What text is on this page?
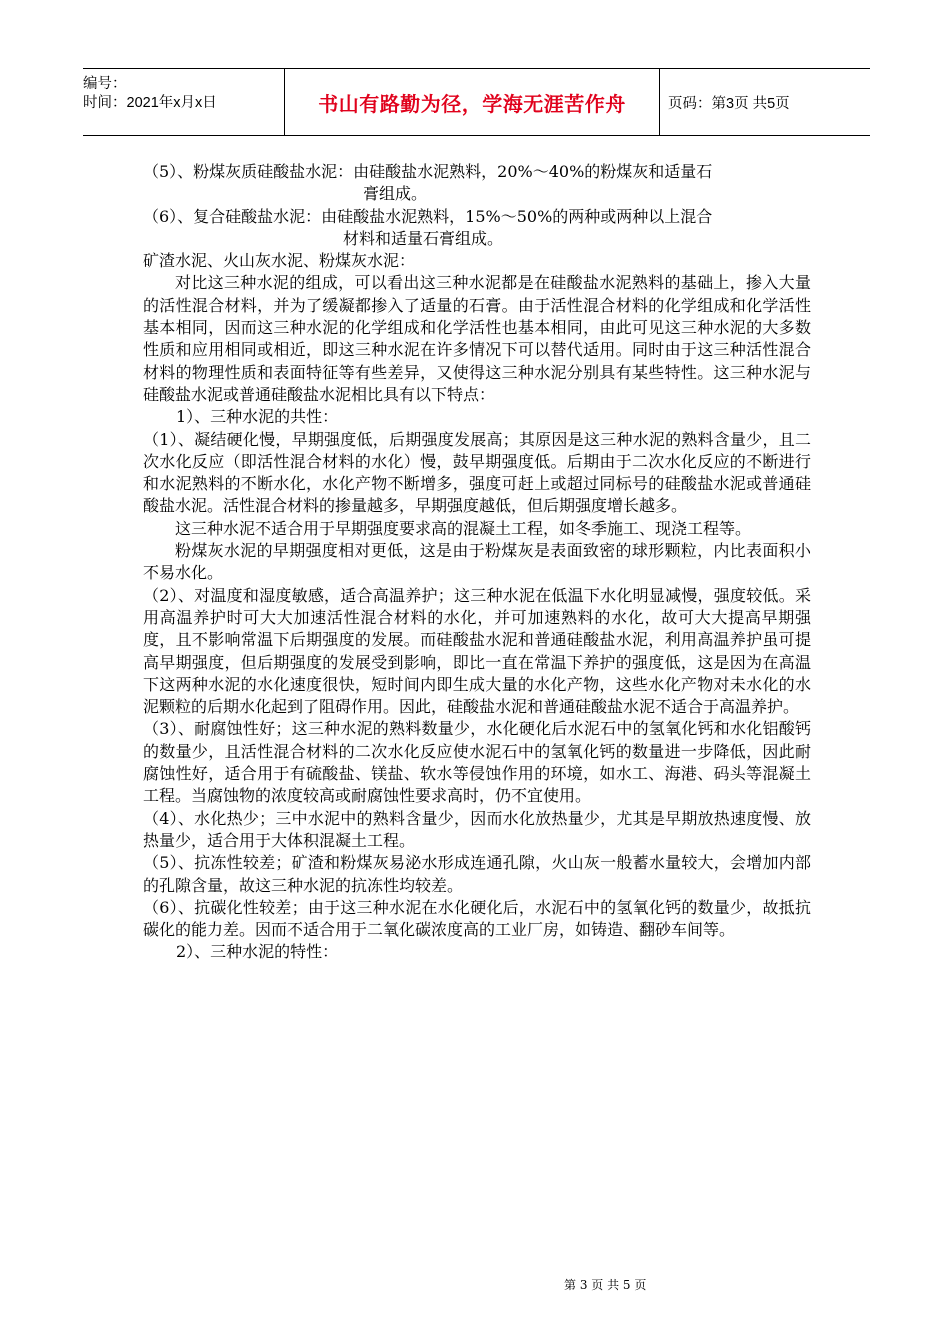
编号：
时间：2021年x月x日	书山有路勤为径，学海无涯苦作舟	页码：第3页 共5页

（5）、粉煤灰质硅酸盐水泥：由硅酸盐水泥熟料，20%～40%的粉煤灰和适量石

膏组成。

（6）、复合硅酸盐水泥：由硅酸盐水泥熟料，15%～50%的两种或两种以上混合

材料和适量石膏组成。

矿渣水泥、火山灰水泥、粉煤灰水泥：

对比这三种水泥的组成，可以看出这三种水泥都是在硅酸盐水泥熟料的基础上，掺入大量的活性混合材料，并为了缓凝都掺入了适量的石膏。由于活性混合材料的化学组成和化学活性基本相同，因而这三种水泥的化学组成和化学活性也基本相同，由此可见这三种水泥的大多数性质和应用相同或相近，即这三种水泥在许多情况下可以替代适用。同时由于这三种活性混合材料的物理性质和表面特征等有些差异，又使得这三种水泥分别具有某些特性。这三种水泥与硅酸盐水泥或普通硅酸盐水泥相比具有以下特点：

1）、三种水泥的共性：

（1）、凝结硬化慢，早期强度低，后期强度发展高；其原因是这三种水泥的熟料含量少，且二次水化反应（即活性混合材料的水化）慢，鼓早期强度低。后期由于二次水化反应的不断进行和水泥熟料的不断水化，水化产物不断增多，强度可赶上或超过同标号的硅酸盐水泥或普通硅酸盐水泥。活性混合材料的掺量越多，早期强度越低，但后期强度增长越多。

这三种水泥不适合用于早期强度要求高的混凝土工程，如冬季施工、现浇工程等。

粉煤灰水泥的早期强度相对更低，这是由于粉煤灰是表面致密的球形颗粒，内比表面积小不易水化。

（2）、对温度和湿度敏感，适合高温养护；这三种水泥在低温下水化明显减慢，强度较低。采用高温养护时可大大加速活性混合材料的水化，并可加速熟料的水化，故可大大提高早期强度，且不影响常温下后期强度的发展。而硅酸盐水泥和普通硅酸盐水泥，利用高温养护虽可提高早期强度，但后期强度的发展受到影响，即比一直在常温下养护的强度低，这是因为在高温下这两种水泥的水化速度很快，短时间内即生成大量的水化产物，这些水化产物对未水化的水泥颗粒的后期水化起到了阻碍作用。因此，硅酸盐水泥和普通硅酸盐水泥不适合于高温养护。

（3）、耐腐蚀性好；这三种水泥的熟料数量少，水化硬化后水泥石中的氢氧化钙和水化铝酸钙的数量少，且活性混合材料的二次水化反应使水泥石中的氢氧化钙的数量进一步降低，因此耐腐蚀性好，适合用于有硫酸盐、镁盐、软水等侵蚀作用的环境，如水工、海港、码头等混凝土工程。当腐蚀物的浓度较高或耐腐蚀性要求高时，仍不宜使用。

（4）、水化热少；三中水泥中的熟料含量少，因而水化放热量少，尤其是早期放热速度慢、放热量少，适合用于大体积混凝土工程。

（5）、抗冻性较差；矿渣和粉煤灰易泌水形成连通孔隙，火山灰一般蓄水量较大，会增加内部的孔隙含量，故这三种水泥的抗冻性均较差。

（6）、抗碳化性较差；由于这三种水泥在水化硬化后，水泥石中的氢氧化钙的数量少，故抵抗碳化的能力差。因而不适合用于二氧化碳浓度高的工业厂房，如铸造、翻砂车间等。

2）、三种水泥的特性：

第 3 页 共 5 页
